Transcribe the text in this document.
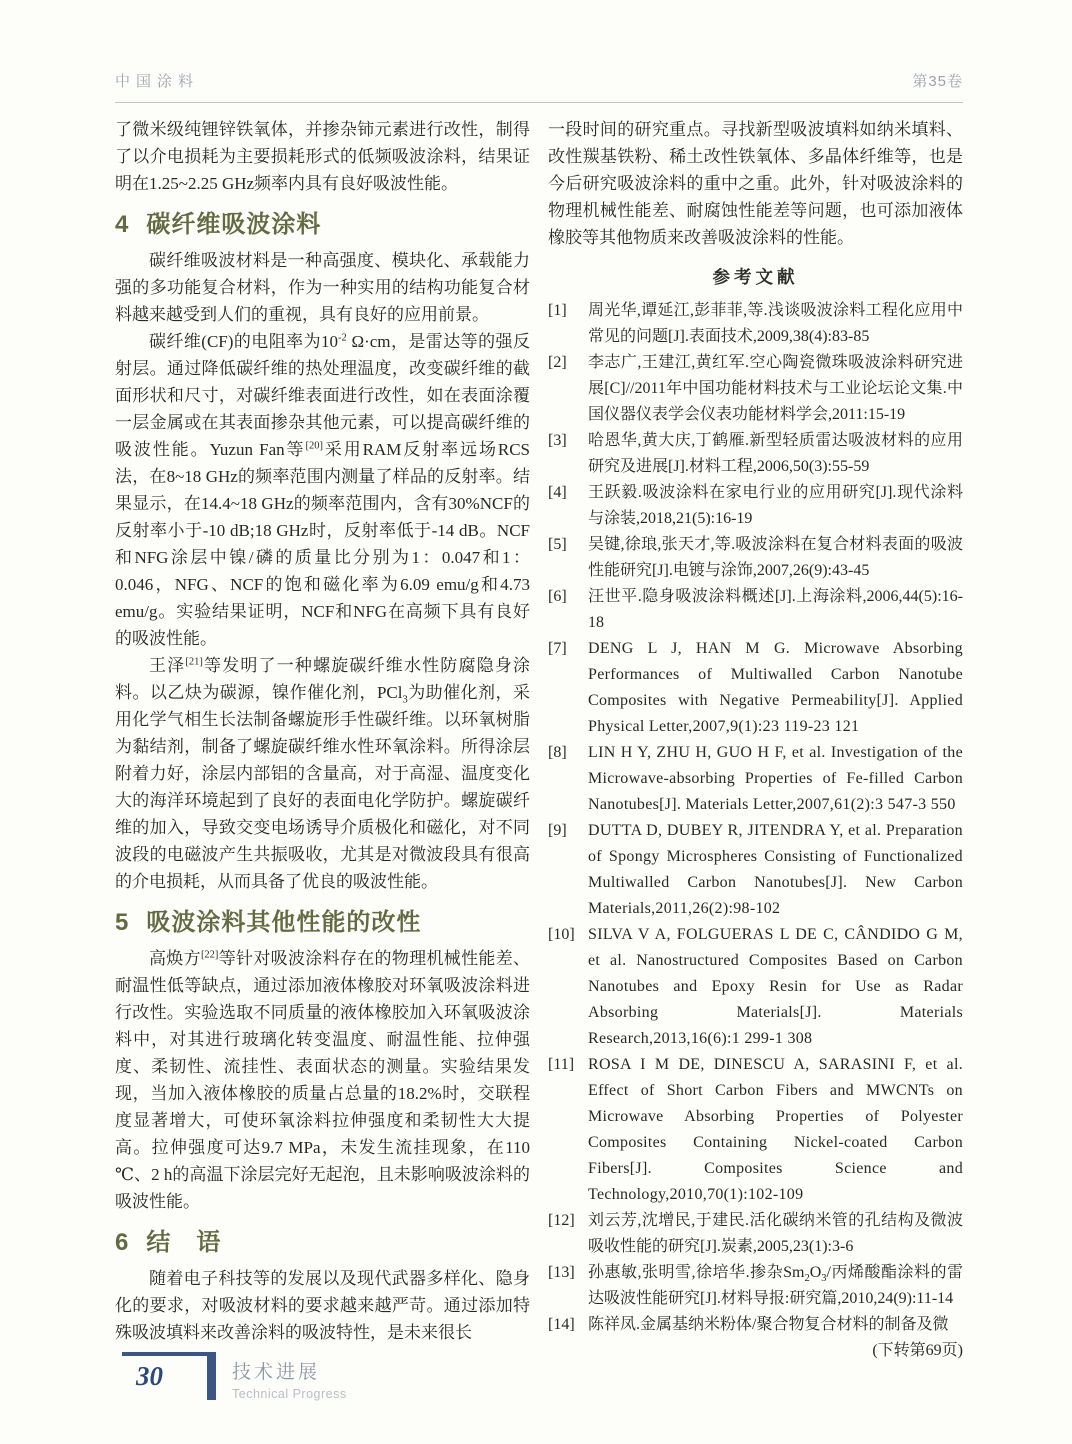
中国涂料	第35卷

了微米级纯锂锌铁氧体，并掺杂铈元素进行改性，制得了以介电损耗为主要损耗形式的低频吸波涂料，结果证明在1.25~2.25 GHz频率内具有良好吸波性能。

4 碳纤维吸波涂料

碳纤维吸波材料是一种高强度、模块化、承载能力强的多功能复合材料，作为一种实用的结构功能复合材料越来越受到人们的重视，具有良好的应用前景。

碳纤维(CF)的电阻率为$10^{-2}$ Ω·cm，是雷达等的强反射层。通过降低碳纤维的热处理温度，改变碳纤维的截面形状和尺寸，对碳纤维表面进行改性，如在表面涂覆一层金属或在其表面掺杂其他元素，可以提高碳纤维的吸波性能。Yuzun Fan等[20]采用RAM反射率远场RCS法，在8~18 GHz的频率范围内测量了样品的反射率。结果显示，在14.4~18 GHz的频率范围内，含有30%NCF的反射率小于-10 dB;18 GHz时，反射率低于-14 dB。NCF和NFG涂层中镍/磷的质量比分别为1：0.047和1：0.046，NFG、NCF的饱和磁化率为6.09 emu/g和4.73 emu/g。实验结果证明，NCF和NFG在高频下具有良好的吸波性能。

王泽[21]等发明了一种螺旋碳纤维水性防腐隐身涂料。以乙炔为碳源，镍作催化剂，PCl$_3$为助催化剂，采用化学气相生长法制备螺旋形手性碳纤维。以环氧树脂为黏结剂，制备了螺旋碳纤维水性环氧涂料。所得涂层附着力好，涂层内部铝的含量高，对于高湿、温度变化大的海洋环境起到了良好的表面电化学防护。螺旋碳纤维的加入，导致交变电场诱导介质极化和磁化，对不同波段的电磁波产生共振吸收，尤其是对微波段具有很高的介电损耗，从而具备了优良的吸波性能。

5 吸波涂料其他性能的改性

高焕方[22]等针对吸波涂料存在的物理机械性能差、耐温性低等缺点，通过添加液体橡胶对环氧吸波涂料进行改性。实验选取不同质量的液体橡胶加入环氧吸波涂料中，对其进行玻璃化转变温度、耐温性能、拉伸强度、柔韧性、流挂性、表面状态的测量。实验结果发现，当加入液体橡胶的质量占总量的18.2%时，交联程度显著增大，可使环氧涂料拉伸强度和柔韧性大大提高。拉伸强度可达9.7 MPa，未发生流挂现象，在110 ℃、2 h的高温下涂层完好无起泡，且未影响吸波涂料的吸波性能。

6 结　语

随着电子科技等的发展以及现代武器多样化、隐身化的要求，对吸波材料的要求越来越严苛。通过添加特殊吸波填料来改善涂料的吸波特性，是未来很长

一段时间的研究重点。寻找新型吸波填料如纳米填料、改性羰基铁粉、稀土改性铁氧体、多晶体纤维等，也是今后研究吸波涂料的重中之重。此外，针对吸波涂料的物理机械性能差、耐腐蚀性能差等问题，也可添加液体橡胶等其他物质来改善吸波涂料的性能。

参考文献
[1]	周光华,谭延江,彭菲菲,等.浅谈吸波涂料工程化应用中常见的问题[J].表面技术,2009,38(4):83-85
[2]	李志广,王建江,黄红军.空心陶瓷微珠吸波涂料研究进展[C]//2011年中国功能材料技术与工业论坛论文集.中国仪器仪表学会仪表功能材料学会,2011:15-19
[3]	哈恩华,黄大庆,丁鹤雁.新型轻质雷达吸波材料的应用研究及进展[J].材料工程,2006,50(3):55-59
[4]	王跃毅.吸波涂料在家电行业的应用研究[J].现代涂料与涂装,2018,21(5):16-19
[5]	吴键,徐琅,张天才,等.吸波涂料在复合材料表面的吸波性能研究[J].电镀与涂饰,2007,26(9):43-45
[6]	汪世平.隐身吸波涂料概述[J].上海涂料,2006,44(5):16-18
[7]	DENG L J, HAN M G. Microwave Absorbing Performances of Multiwalled Carbon Nanotube Composites with Negative Permeability[J]. Applied Physical Letter,2007,9(1):23 119-23 121
[8]	LIN H Y, ZHU H, GUO H F, et al. Investigation of the Microwave-absorbing Properties of Fe-filled Carbon Nanotubes[J]. Materials Letter,2007,61(2):3 547-3 550
[9]	DUTTA D, DUBEY R, JITENDRA Y, et al. Preparation of Spongy Microspheres Consisting of Functionalized Multiwalled Carbon Nanotubes[J]. New Carbon Materials,2011,26(2):98-102
[10] SILVA V A, FOLGUERAS L DE C, CÂNDIDO G M, et al. Nanostructured Composites Based on Carbon Nanotubes and Epoxy Resin for Use as Radar Absorbing Materials[J]. Materials Research,2013,16(6):1 299-1 308
[11] ROSA I M DE, DINESCU A, SARASINI F, et al. Effect of Short Carbon Fibers and MWCNTs on Microwave Absorbing Properties of Polyester Composites Containing Nickel-coated Carbon Fibers[J]. Composites Science and Technology,2010,70(1):102-109
[12] 刘云芳,沈增民,于建民.活化碳纳米管的孔结构及微波吸收性能的研究[J].炭素,2005,23(1):3-6
[13] 孙惠敏,张明雪,徐培华.掺杂$Sm_2O_3/$丙烯酸酯涂料的雷达吸波性能研究[J].材料导报:研究篇,2010,24(9):11-14
[14] 陈祥凤.金属基纳米粉体/聚合物复合材料的制备及微
(下转第69页)
30	技术进展
Technical Progress
